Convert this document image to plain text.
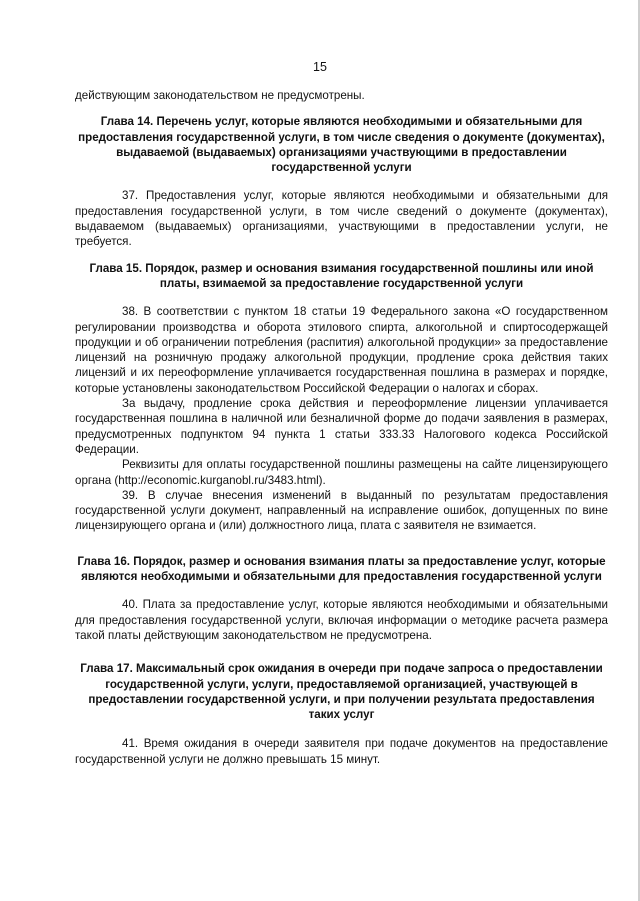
15

действующим законодательством не предусмотрены.

Глава 14. Перечень услуг, которые являются необходимыми и обязательными для предоставления государственной услуги, в том числе сведения о документе (документах), выдаваемой (выдаваемых) организациями участвующими в предоставлении государственной услуги

37. Предоставления услуг, которые являются необходимыми и обязательными для предоставления государственной услуги, в том числе сведений о документе (документах), выдаваемом (выдаваемых) организациями, участвующими в предоставлении услуги, не требуется.

Глава 15. Порядок, размер и основания взимания государственной пошлины или иной платы, взимаемой за предоставление государственной услуги

38. В соответствии с пунктом 18 статьи 19 Федерального закона «О государственном регулировании производства и оборота этилового спирта, алкогольной и спиртосодержащей продукции и об ограничении потребления (распития) алкогольной продукции» за предоставление лицензий на розничную продажу алкогольной продукции, продление срока действия таких лицензий и их переоформление уплачивается государственная пошлина в размерах и порядке, которые установлены законодательством Российской Федерации о налогах и сборах.

За выдачу, продление срока действия и переоформление лицензии уплачивается государственная пошлина в наличной или безналичной форме до подачи заявления в размерах, предусмотренных подпунктом 94 пункта 1 статьи 333.33 Налогового кодекса Российской Федерации.

Реквизиты для оплаты государственной пошлины размещены на сайте лицензирующего органа (http://economic.kurganobl.ru/3483.html).

39. В случае внесения изменений в выданный по результатам предоставления государственной услуги документ, направленный на исправление ошибок, допущенных по вине лицензирующего органа и (или) должностного лица, плата с заявителя не взимается.

Глава 16. Порядок, размер и основания взимания платы за предоставление услуг, которые являются необходимыми и обязательными для предоставления государственной услуги

40. Плата за предоставление услуг, которые являются необходимыми и обязательными для предоставления государственной услуги, включая информации о методике расчета размера такой платы действующим законодательством не предусмотрена.

Глава 17. Максимальный срок ожидания в очереди при подаче запроса о предоставлении государственной услуги, услуги, предоставляемой организацией, участвующей в предоставлении государственной услуги, и при получении результата предоставления таких услуг

41. Время ожидания в очереди заявителя при подаче документов на предоставление государственной услуги не должно превышать 15 минут.
